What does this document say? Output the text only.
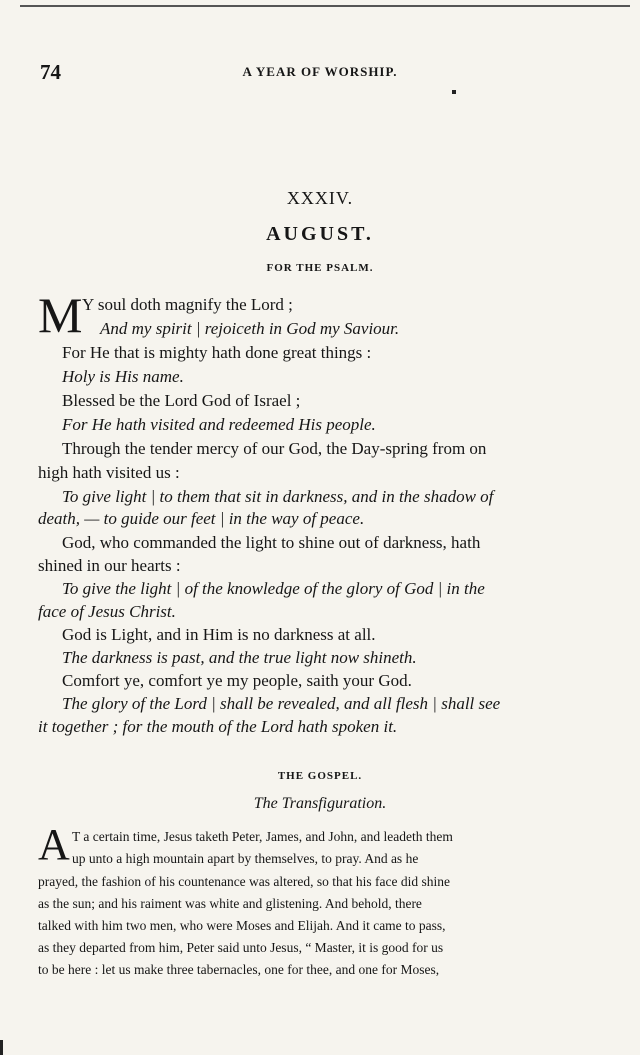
74	A YEAR OF WORSHIP.
XXXIV.
AUGUST.
FOR THE PSALM.
M Y soul doth magnify the Lord ;
And my spirit | rejoiceth in God my Saviour.
For He that is mighty hath done great things :
Holy is His name.
Blessed be the Lord God of Israel ;
For He hath visited and redeemed His people.
Through the tender mercy of our God, the Day-spring from on
high hath visited us :
To give light | to them that sit in darkness, and in the shadow of
death, — to guide our feet | in the way of peace.
God, who commanded the light to shine out of darkness, hath
shined in our hearts :
To give the light | of the knowledge of the glory of God | in the
face of Jesus Christ.
God is Light, and in Him is no darkness at all.
The darkness is past, and the true light now shineth.
Comfort ye, comfort ye my people, saith your God.
The glory of the Lord | shall be revealed, and all flesh | shall see
it together ; for the mouth of the Lord hath spoken it.
THE GOSPEL.
The Transfiguration.
A T a certain time, Jesus taketh Peter, James, and John, and leadeth them
up unto a high mountain apart by themselves, to pray. And as he
prayed, the fashion of his countenance was altered, so that his face did shine
as the sun; and his raiment was white and glistening. And behold, there
talked with him two men, who were Moses and Elijah. And it came to pass,
as they departed from him, Peter said unto Jesus, “ Master, it is good for us
to be here : let us make three tabernacles, one for thee, and one for Moses,
